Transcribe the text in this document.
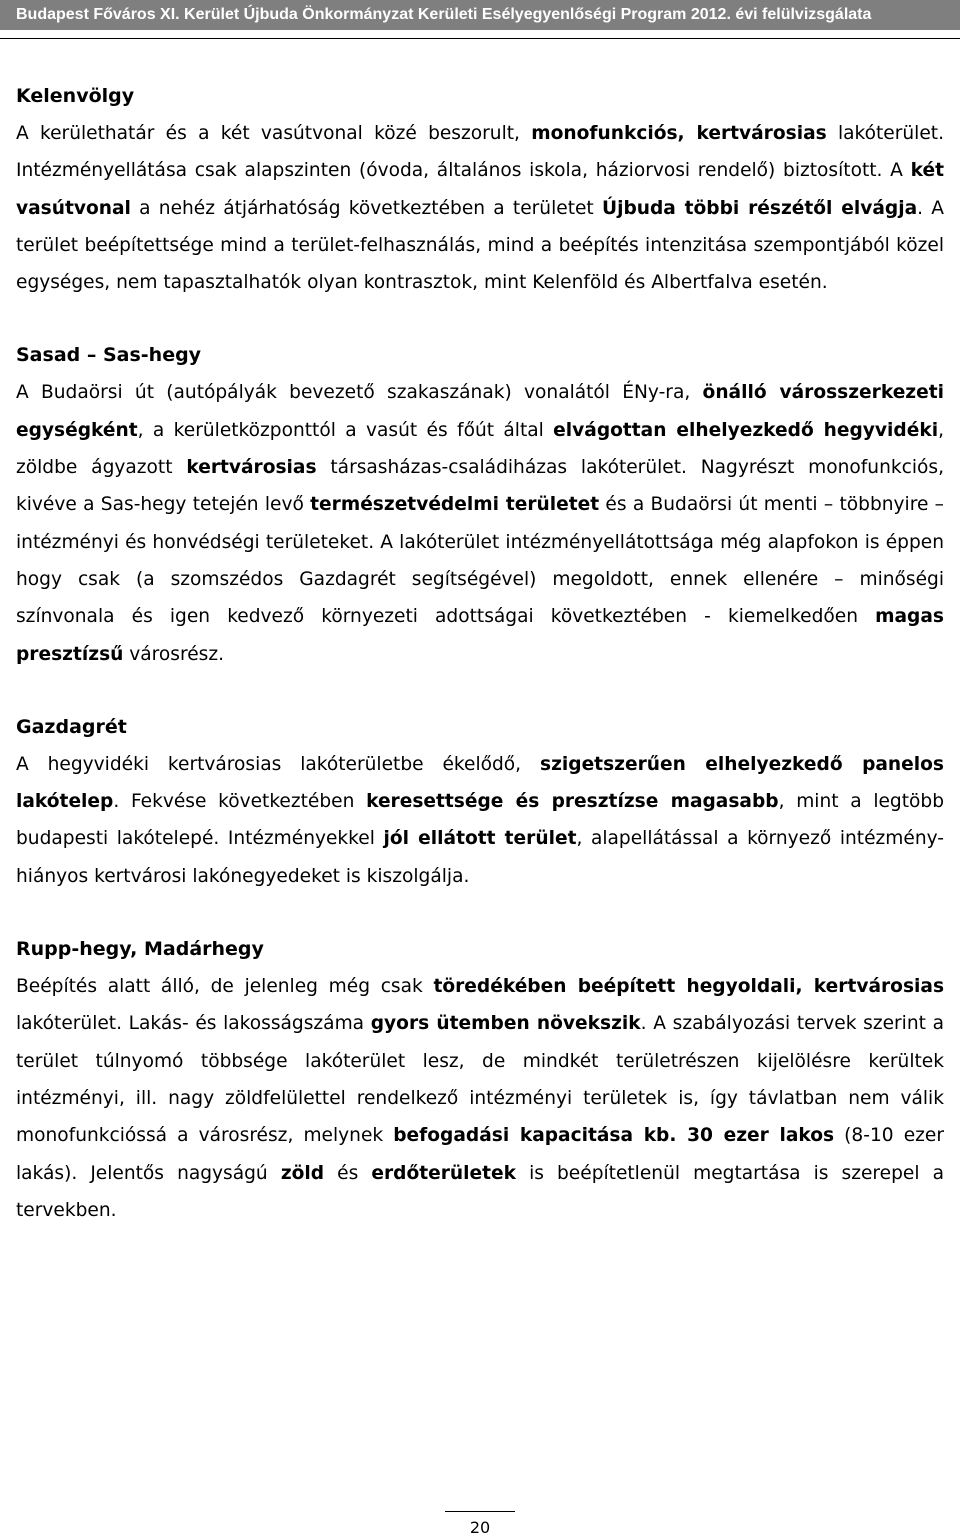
Budapest Főváros XI. Kerület Újbuda Önkormányzat Kerületi Esélyegyenlőségi Program 2012. évi felülvizsgálata
Kelenvölgy

A kerülethatár és a két vasútvonal közé beszorult, monofunkciós, kertvárosias lakóterület. Intézményellátása csak alapszinten (óvoda, általános iskola, háziorvosi rendelő) biztosított. A két vasútvonal a nehéz átjárhatóság következtében a területet Újbuda többi részétől elvágja. A terület beépítettsége mind a terület-felhasználás, mind a beépítés intenzitása szempontjából közel egységes, nem tapasztalhatók olyan kontrasztok, mint Kelenföld és Albertfalva esetén.

Sasad – Sas-hegy

A Budaörsi út (autópályák bevezető szakaszának) vonalától ÉNy-ra, önálló városszerkezeti egységként, a kerületközponttól a vasút és főút által elvágottan elhelyezkedő hegyvidéki, zöldbe ágyazott kertvárosias társasházas-családiházas lakóterület. Nagyrészt monofunkciós, kivéve a Sas-hegy tetején levő természetvédelmi területet és a Budaörsi út menti – többnyire – intézményi és honvédségi területeket. A lakóterület intézményellátottsága még alapfokon is éppen hogy csak (a szomszédos Gazdagrét segítségével) megoldott, ennek ellenére – minőségi színvonala és igen kedvező környezeti adottságai következtében - kiemelkedően magas presztízsű városrész.

Gazdagrét

A hegyvidéki kertvárosias lakóterületbe ékelődő, szigetszerűen elhelyezkedő panelos lakótelep. Fekvése következtében keresettsége és presztízse magasabb, mint a legtöbb budapesti lakótelepé. Intézményekkel jól ellátott terület, alapellátással a környező intézmény-hiányos kertvárosi lakónegyedeket is kiszolgálja.

Rupp-hegy, Madárhegy

Beépítés alatt álló, de jelenleg még csak töredékében beépített hegyoldali, kertvárosias lakóterület. Lakás- és lakosságszáma gyors ütemben növekszik. A szabályozási tervek szerint a terület túlnyomó többsége lakóterület lesz, de mindkét területrészen kijelölésre kerültek intézményi, ill. nagy zöldfelülettel rendelkező intézményi területek is, így távlatban nem válik monofunkcióssá a városrész, melynek befogadási kapacitása kb. 30 ezer lakos (8-10 ezer lakás). Jelentős nagyságú zöld és erdőterületek is beépítetlenül megtartása is szerepel a tervekben.

20
